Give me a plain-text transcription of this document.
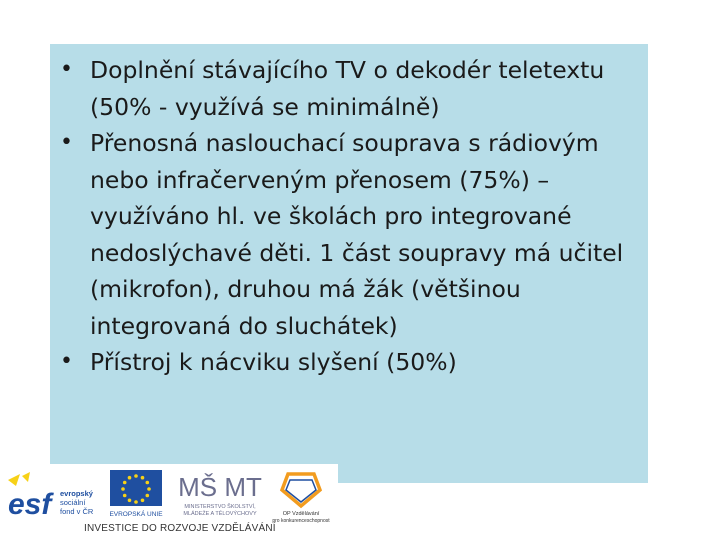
• Doplnění stávajícího TV o dekodér teletextu (50% - využívá se minimálně)
• Přenosná naslouchací souprava s rádiovým nebo infračerveným přenosem (75%) – využíváno hl. ve školách pro integrované nedoslýchavé děti. 1 část soupravy má učitel (mikrofon), druhou má žák (většinou integrovaná do sluchátek)
• Přístroj k nácviku slyšení (50%)
esf	evropský
sociální
fond v ČR EVROPSKÁ UNIE
MŠ MT
MINISTERSTVO ŠKOLSTVÍ,
MLÁDEŽE A TĚLOVÝCHOVY	OP Vzdělávání
pro konkurenceschopnost
INVESTICE DO ROZVOJE VZDĚLÁVÁNÍ
